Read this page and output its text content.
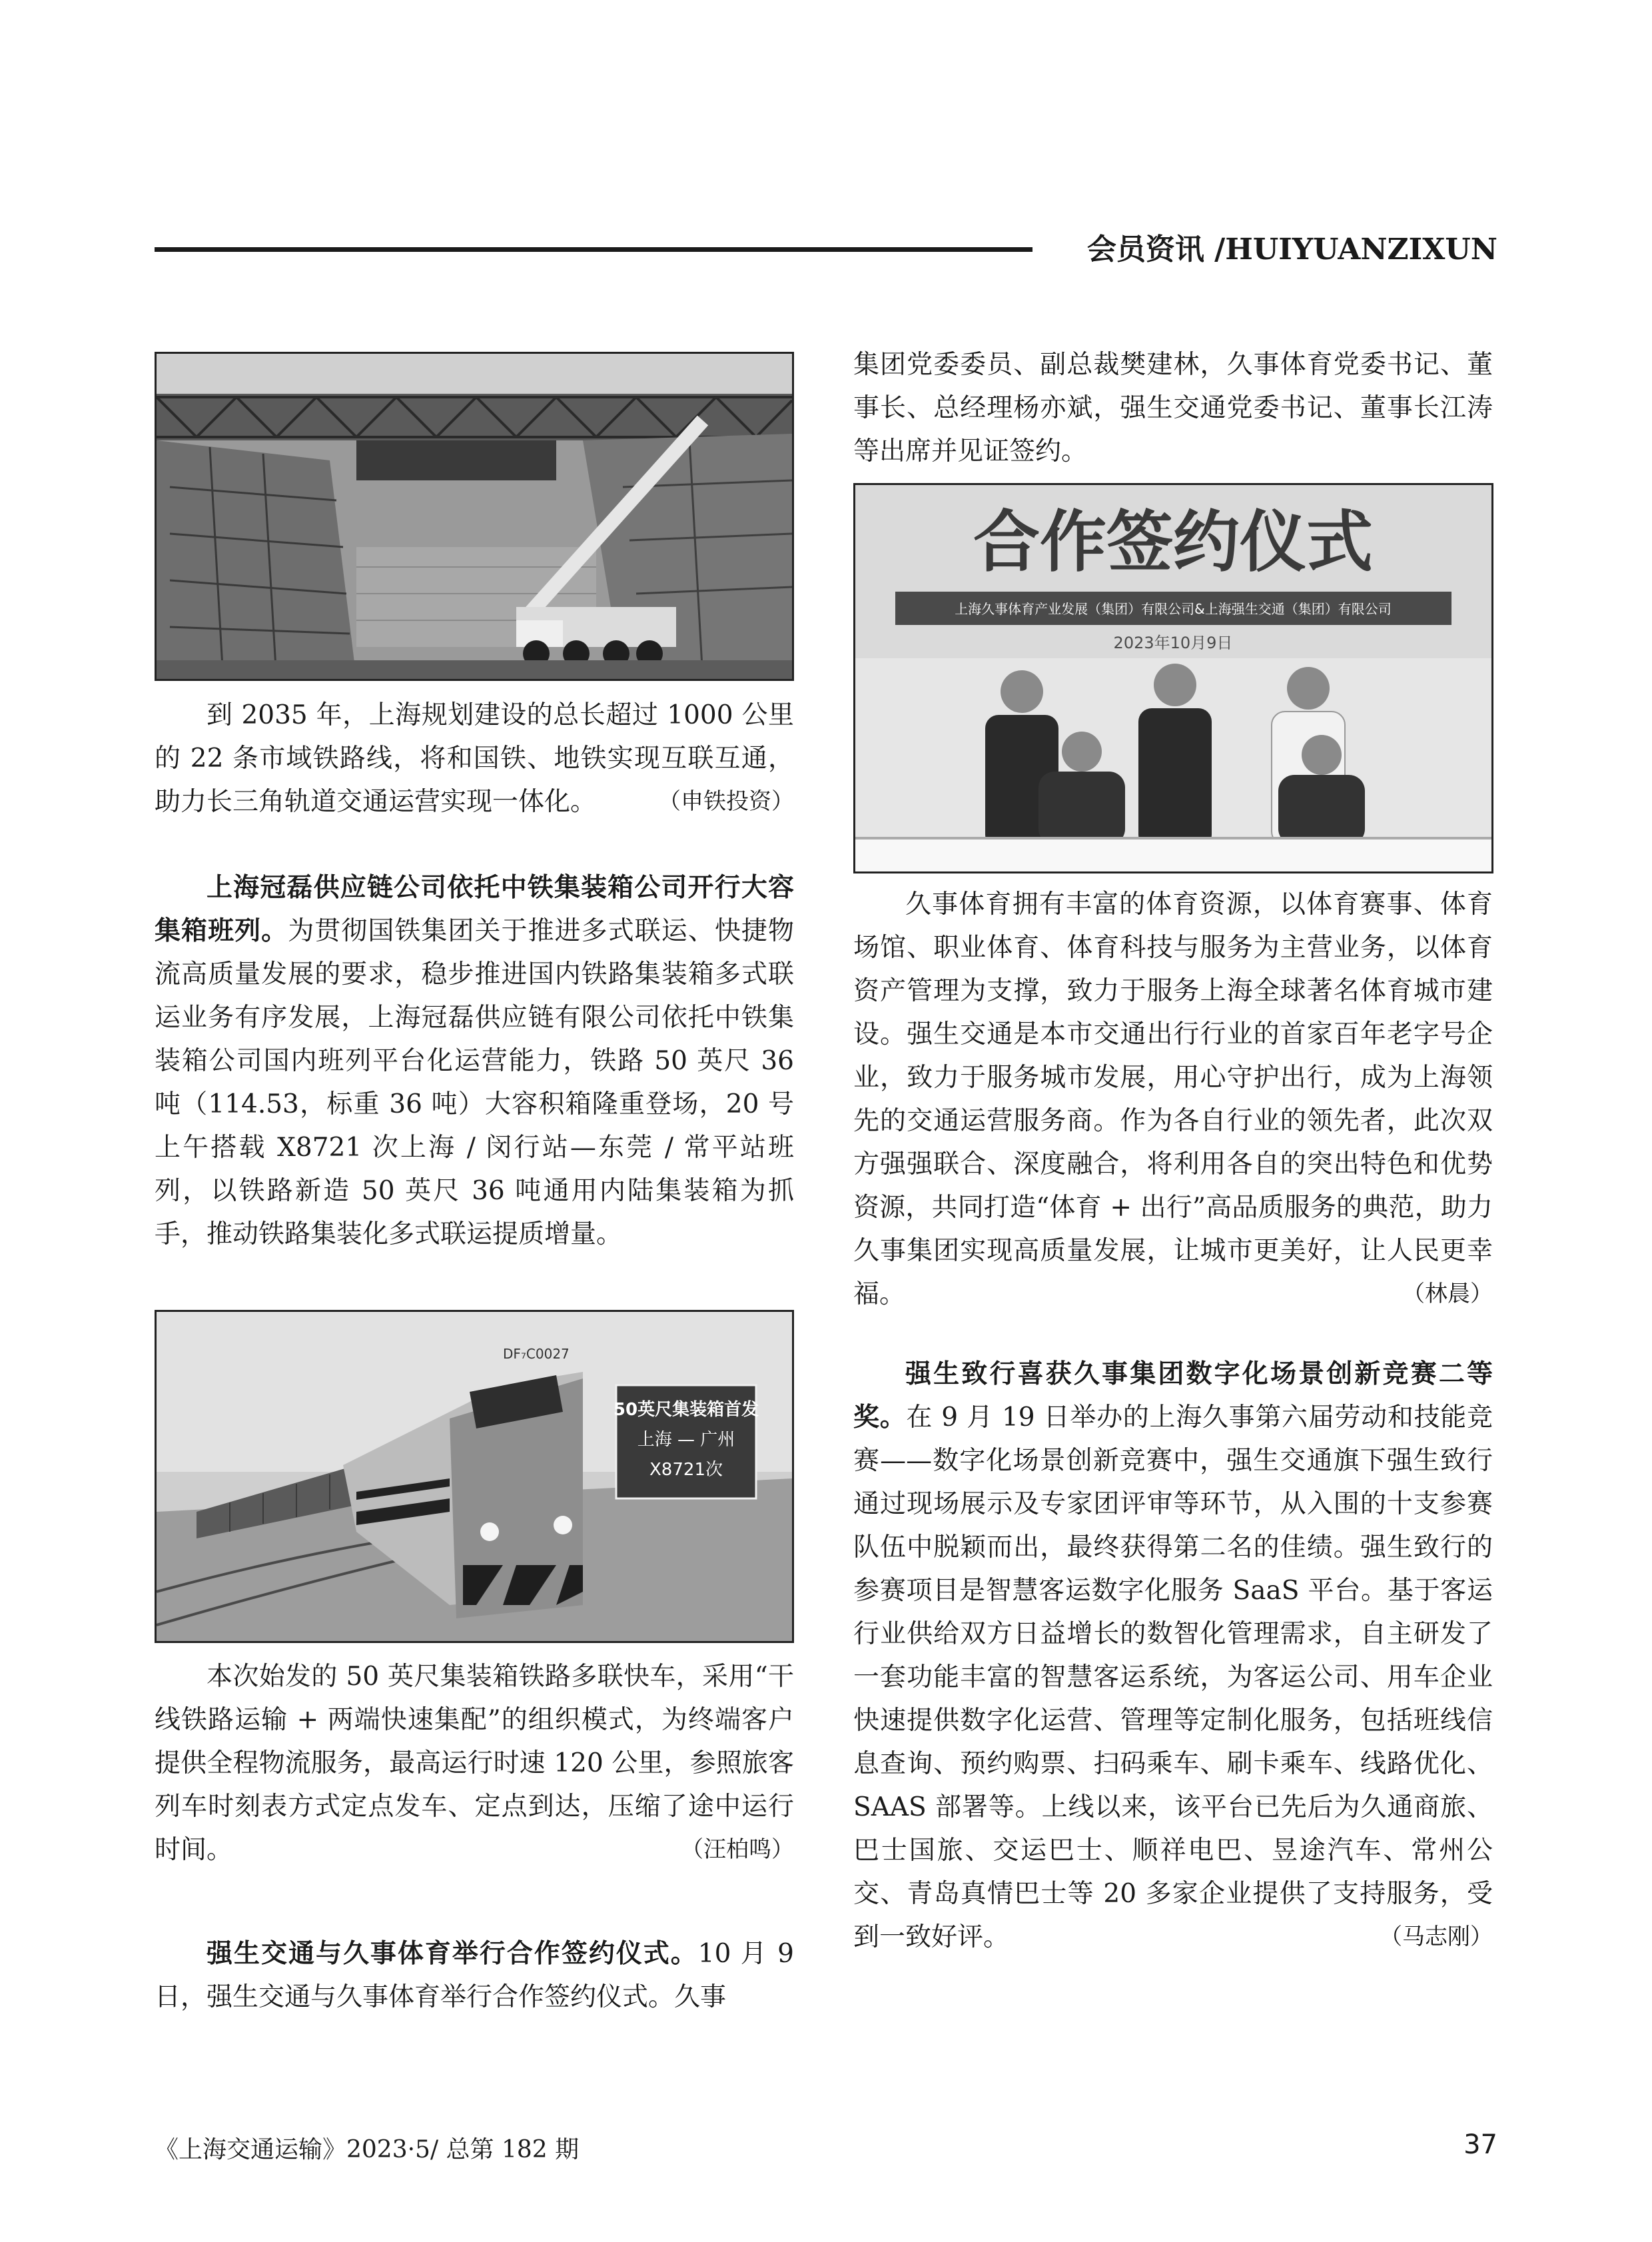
会员资讯 /HUIYUANZIXUN

到 2035 年，上海规划建设的总长超过 1000 公里的 22 条市域铁路线，将和国铁、地铁实现互联互通，助力长三角轨道交通运营实现一体化。	（申铁投资）

上海冠磊供应链公司依托中铁集装箱公司开行大容集箱班列。为贯彻国铁集团关于推进多式联运、快捷物流高质量发展的要求，稳步推进国内铁路集装箱多式联运业务有序发展，上海冠磊供应链有限公司依托中铁集装箱公司国内班列平台化运营能力，铁路 50 英尺 36 吨（114.53，标重 36 吨）大容积箱隆重登场，20 号上午搭载 X8721 次上海 / 闵行站—东莞 / 常平站班列，以铁路新造 50 英尺 36 吨通用内陆集装箱为抓手，推动铁路集装化多式联运提质增量。

50英尺集装箱首发
上海 — 广州
X8721次
DF₇C0027

本次始发的 50 英尺集装箱铁路多联快车，采用“干线铁路运输 + 两端快速集配”的组织模式，为终端客户提供全程物流服务，最高运行时速 120 公里，参照旅客列车时刻表方式定点发车、定点到达，压缩了途中运行时间。	（汪柏鸣）

强生交通与久事体育举行合作签约仪式。10 月 9 日，强生交通与久事体育举行合作签约仪式。久事

集团党委委员、副总裁樊建林，久事体育党委书记、董事长、总经理杨亦斌，强生交通党委书记、董事长江涛等出席并见证签约。

合作签约仪式
上海久事体育产业发展（集团）有限公司&上海强生交通（集团）有限公司
2023年10月9日

久事体育拥有丰富的体育资源，以体育赛事、体育场馆、职业体育、体育科技与服务为主营业务，以体育资产管理为支撑，致力于服务上海全球著名体育城市建设。强生交通是本市交通出行行业的首家百年老字号企业，致力于服务城市发展，用心守护出行，成为上海领先的交通运营服务商。作为各自行业的领先者，此次双方强强联合、深度融合，将利用各自的突出特色和优势资源，共同打造“体育 + 出行”高品质服务的典范，助力久事集团实现高质量发展，让城市更美好，让人民更幸福。	（林晨）

强生致行喜获久事集团数字化场景创新竞赛二等奖。在 9 月 19 日举办的上海久事第六届劳动和技能竞赛——数字化场景创新竞赛中，强生交通旗下强生致行通过现场展示及专家团评审等环节，从入围的十支参赛队伍中脱颖而出，最终获得第二名的佳绩。强生致行的参赛项目是智慧客运数字化服务 SaaS 平台。基于客运行业供给双方日益增长的数智化管理需求，自主研发了一套功能丰富的智慧客运系统，为客运公司、用车企业快速提供数字化运营、管理等定制化服务，包括班线信息查询、预约购票、扫码乘车、刷卡乘车、线路优化、SAAS 部署等。上线以来，该平台已先后为久通商旅、巴士国旅、交运巴士、顺祥电巴、昱途汽车、常州公交、青岛真情巴士等 20 多家企业提供了支持服务，受到一致好评。	（马志刚）

《上海交通运输》2023·5/ 总第 182 期	37
